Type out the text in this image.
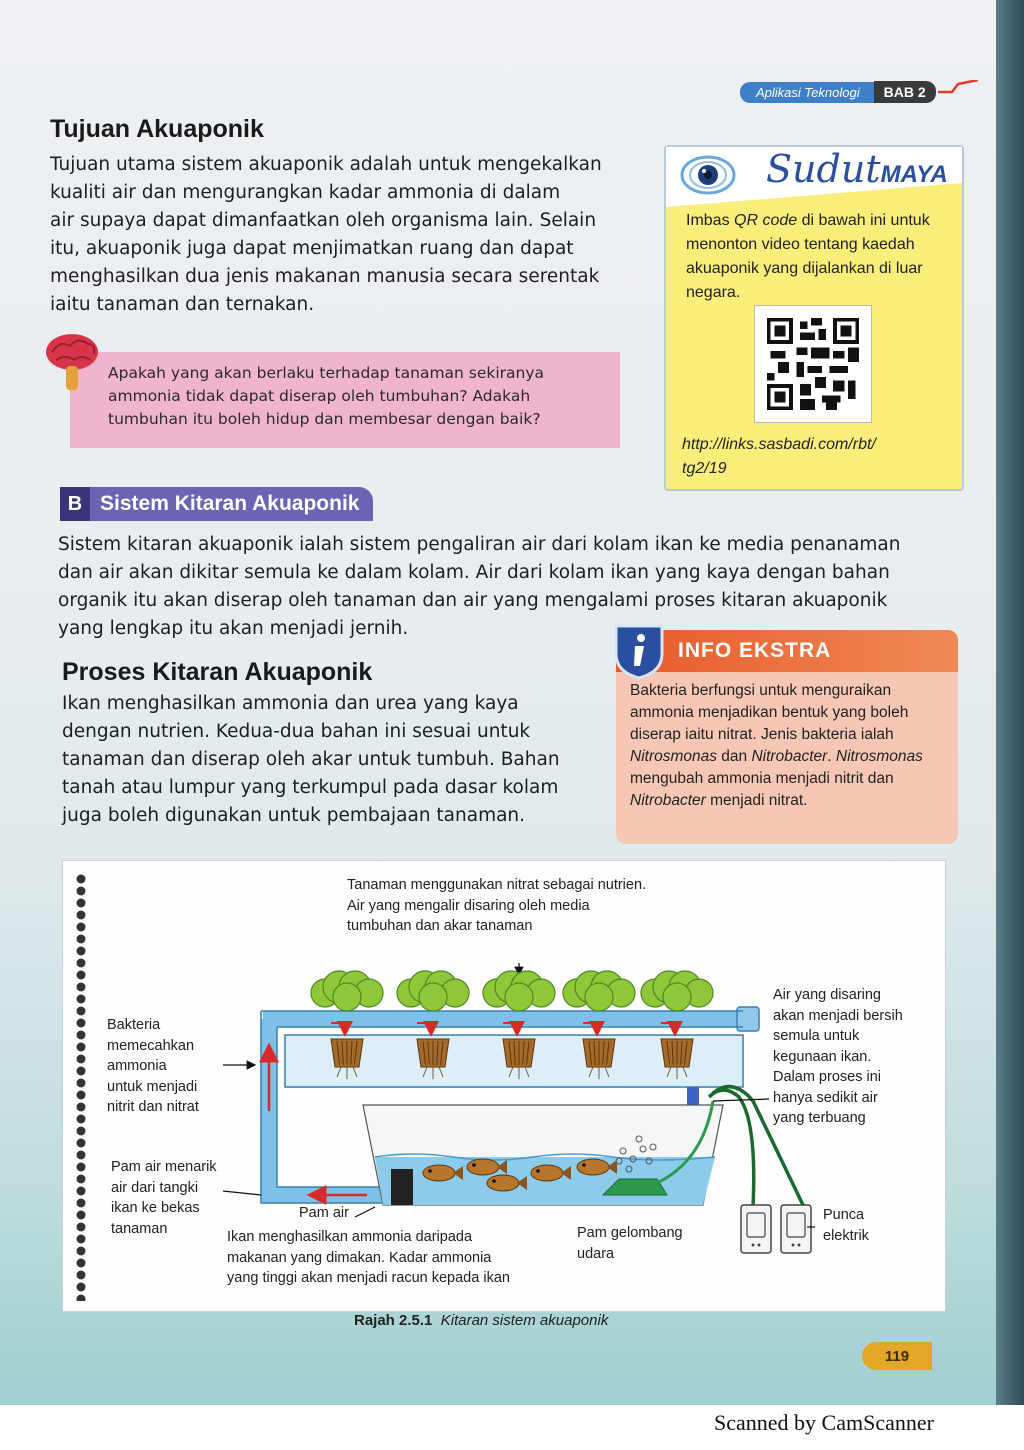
Aplikasi Teknologi	BAB 2
Tujuan Akuaponik
Tujuan utama sistem akuaponik adalah untuk mengekalkan
kualiti air dan mengurangkan kadar ammonia di dalam
air supaya dapat dimanfaatkan oleh organisma lain. Selain
itu, akuaponik juga dapat menjimatkan ruang dan dapat
menghasilkan dua jenis makanan manusia secara serentak
iaitu tanaman dan ternakan.
Apakah yang akan berlaku terhadap tanaman sekiranya
ammonia tidak dapat diserap oleh tumbuhan? Adakah
tumbuhan itu boleh hidup dan membesar dengan baik?
SudutMAYA
Imbas QR code di bawah ini untuk menonton video tentang kaedah akuaponik yang dijalankan di luar negara.
http://links.sasbadi.com/rbt/
tg2/19
B Sistem Kitaran Akuaponik
Sistem kitaran akuaponik ialah sistem pengaliran air dari kolam ikan ke media penanaman
dan air akan dikitar semula ke dalam kolam. Air dari kolam ikan yang kaya dengan bahan
organik itu akan diserap oleh tanaman dan air yang mengalami proses kitaran akuaponik
yang lengkap itu akan menjadi jernih.
Proses Kitaran Akuaponik
Ikan menghasilkan ammonia dan urea yang kaya
dengan nutrien. Kedua-dua bahan ini sesuai untuk
tanaman dan diserap oleh akar untuk tumbuh. Bahan
tanah atau lumpur yang terkumpul pada dasar kolam
juga boleh digunakan untuk pembajaan tanaman.
INFO EKSTRA
Bakteria berfungsi untuk menguraikan ammonia menjadikan bentuk yang boleh diserap iaitu nitrat. Jenis bakteria ialah Nitrosmonas dan Nitrobacter. Nitrosmonas mengubah ammonia menjadi nitrit dan Nitrobacter menjadi nitrat.
Tanaman menggunakan nitrat sebagai nutrien.
Air yang mengalir disaring oleh media
tumbuhan dan akar tanaman
Bakteria
memecahkan
ammonia
untuk menjadi
nitrit dan nitrat
Pam air menarik
air dari tangki
ikan ke bekas
tanaman
Pam air
Ikan menghasilkan ammonia daripada
makanan yang dimakan. Kadar ammonia
yang tinggi akan menjadi racun kepada ikan
Pam gelombang
udara
Punca
elektrik
Air yang disaring
akan menjadi bersih
semula untuk
kegunaan ikan.
Dalam proses ini
hanya sedikit air
yang terbuang
Rajah 2.5.1 Kitaran sistem akuaponik
119
Scanned by CamScanner
